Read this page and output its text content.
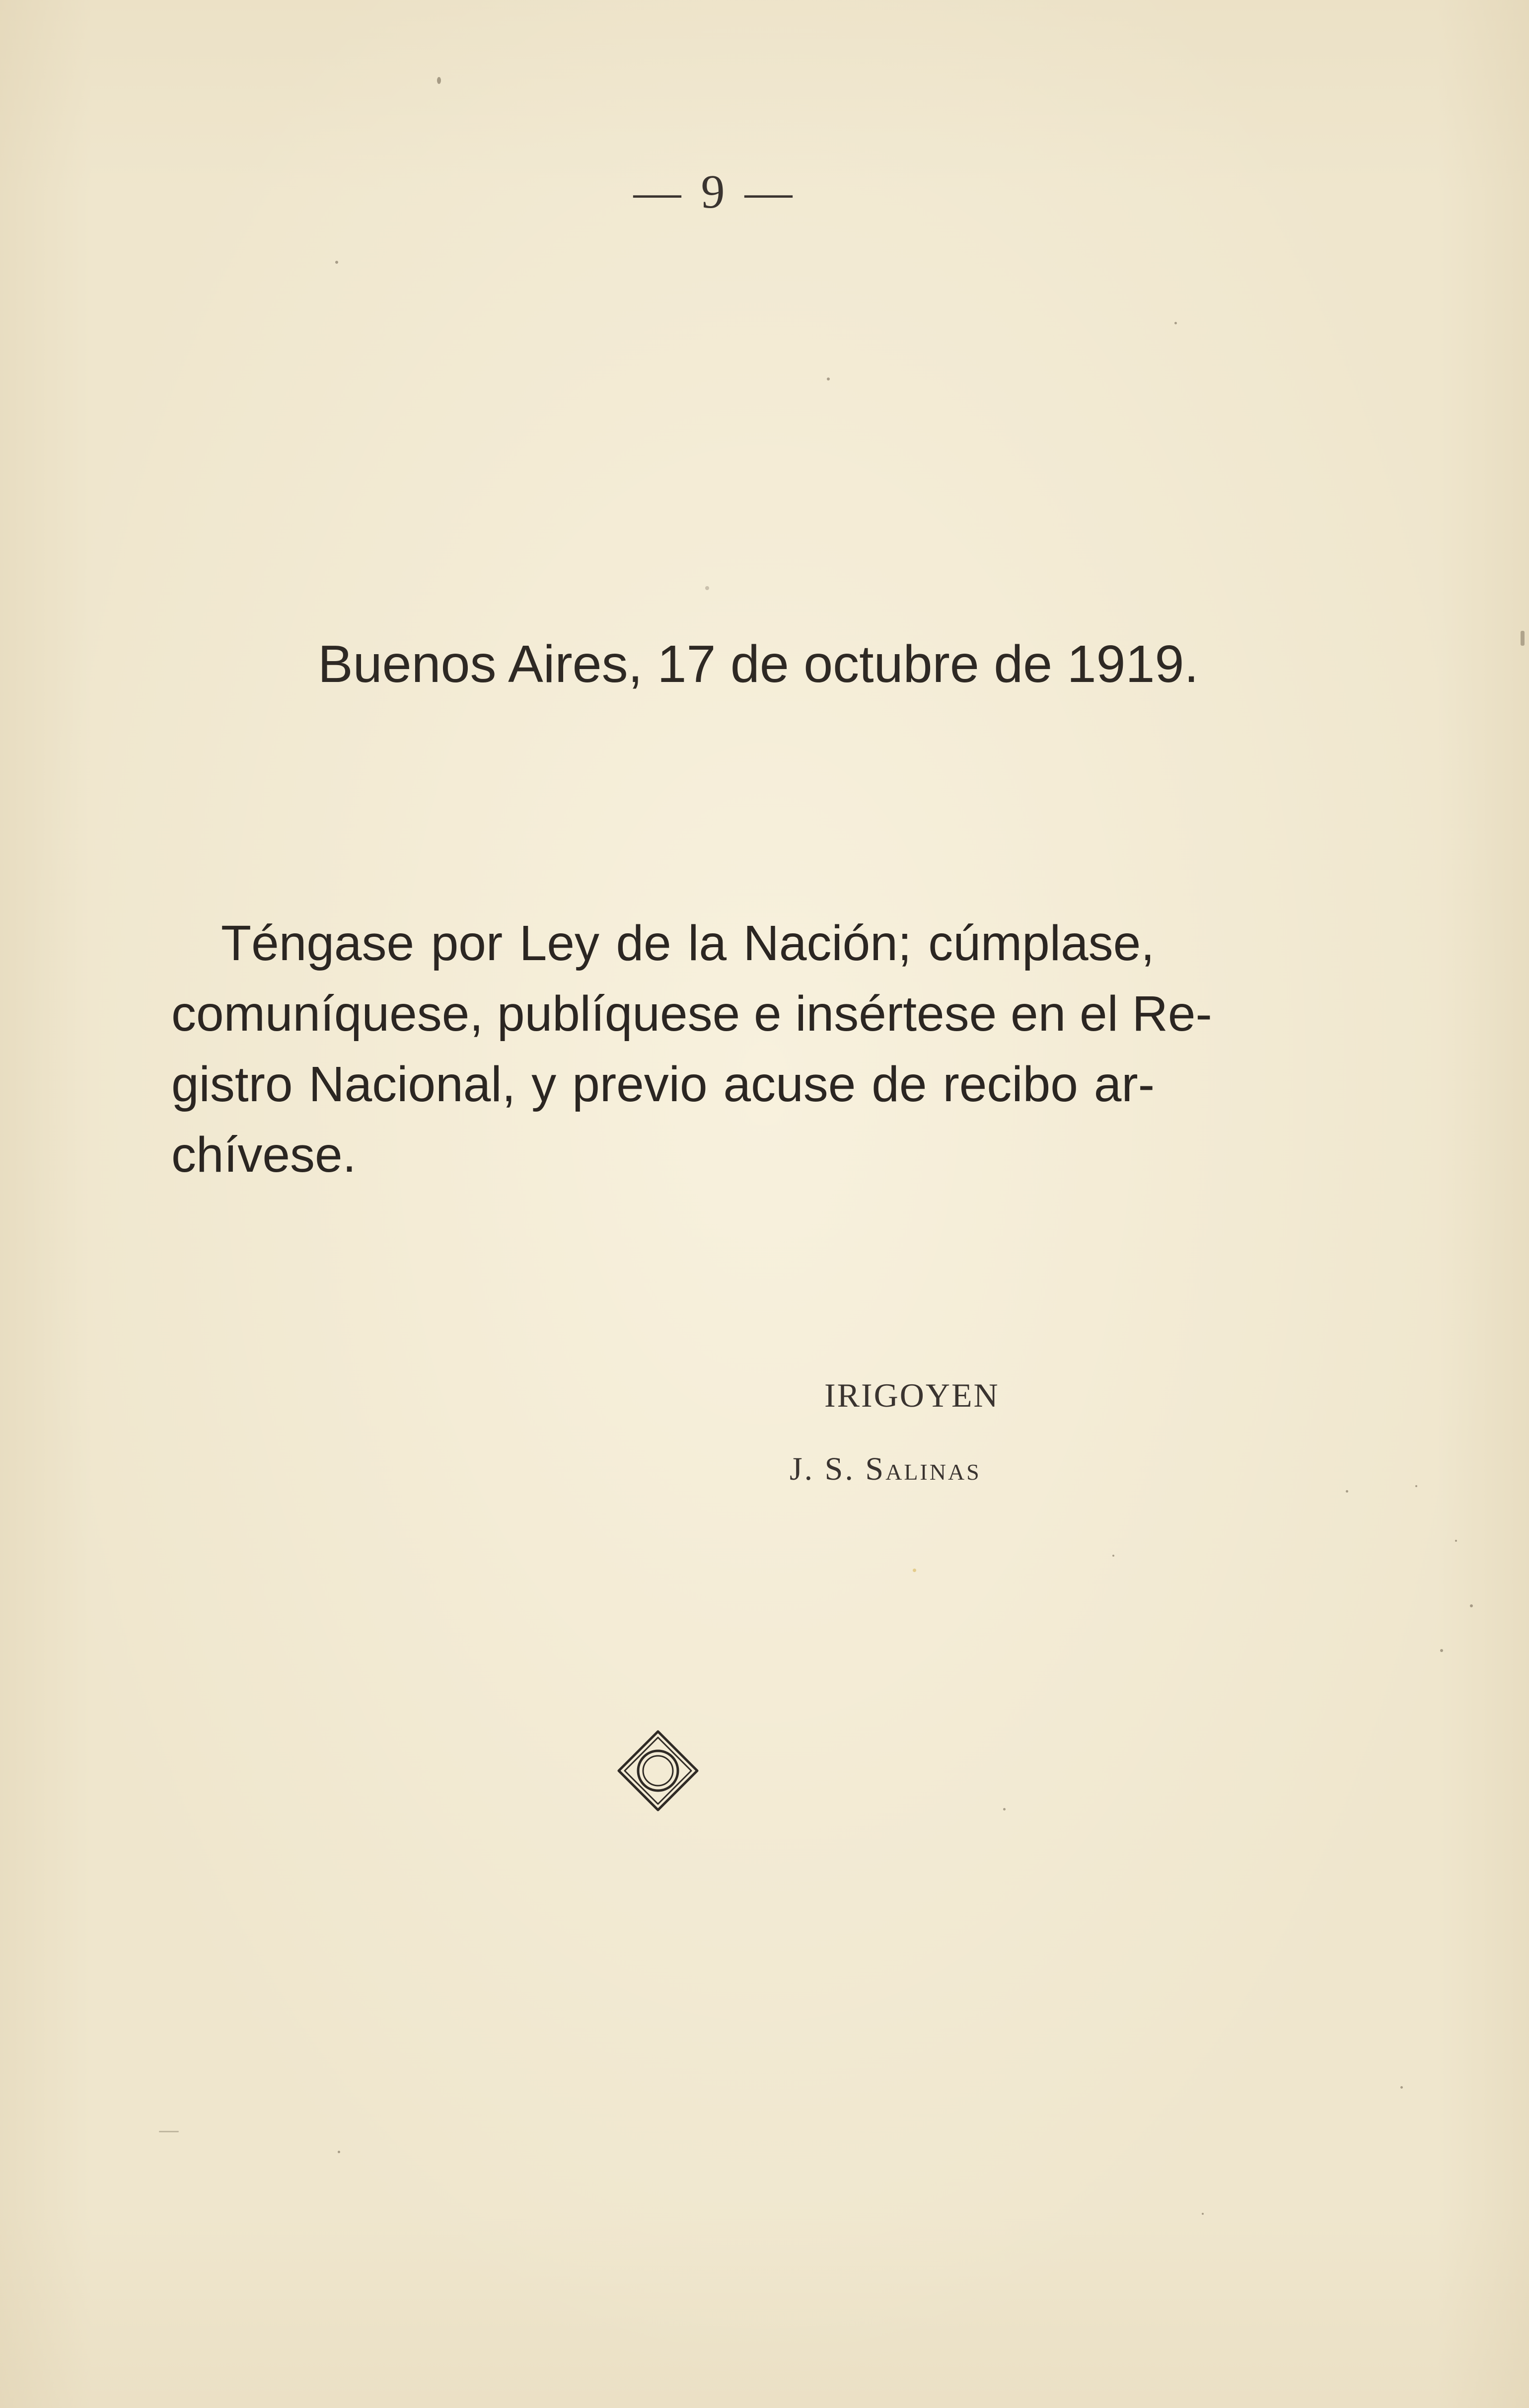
— 9 —
Buenos Aires, 17 de octubre de 1919.
Téngase por Ley de la Nación; cúmplase,
comuníquese, publíquese e insértese en el Re-
gistro Nacional, y previo acuse de recibo ar-
chívese.
IRIGOYEN
J. S. Salinas
